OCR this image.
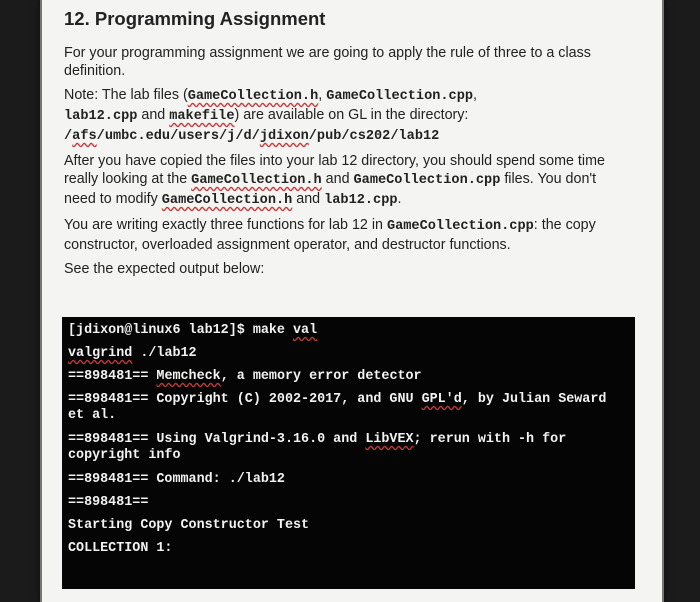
12. Programming Assignment

For your programming assignment we are going to apply the rule of three to a class definition.

Note: The lab files (GameCollection.h, GameCollection.cpp,
lab12.cpp and makefile) are available on GL in the directory:
/afs/umbc.edu/users/j/d/jdixon/pub/cs202/lab12

After you have copied the files into your lab 12 directory, you should spend some time really looking at the GameCollection.h and GameCollection.cpp files. You don't need to modify GameCollection.h and lab12.cpp.

You are writing exactly three functions for lab 12 in GameCollection.cpp: the copy constructor, overloaded assignment operator, and destructor functions.

See the expected output below:

[jdixon@linux6 lab12]$ make val
valgrind ./lab12
==898481== Memcheck, a memory error detector
==898481== Copyright (C) 2002-2017, and GNU GPL'd, by Julian Seward et al.
==898481== Using Valgrind-3.16.0 and LibVEX; rerun with -h for copyright info
==898481== Command: ./lab12
==898481==
Starting Copy Constructor Test
COLLECTION 1:
